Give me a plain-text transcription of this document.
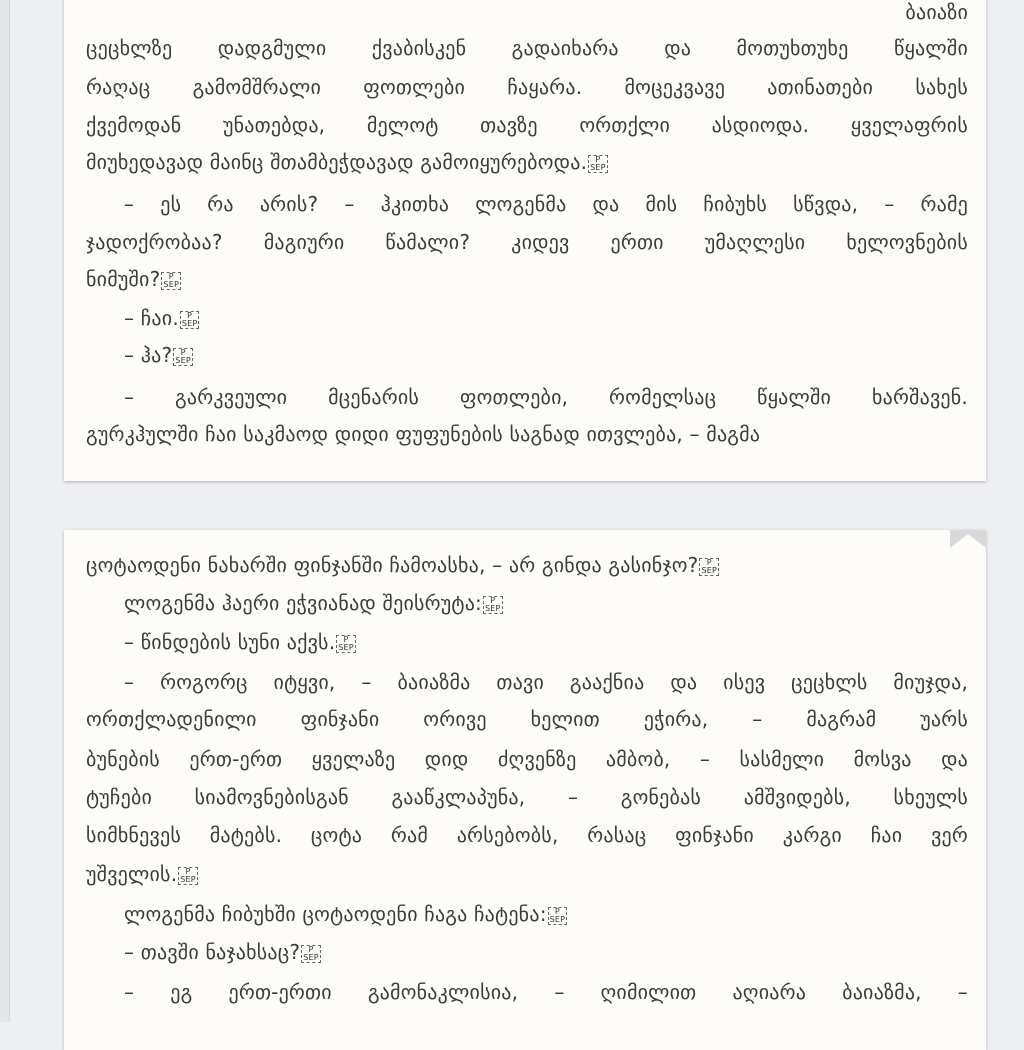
ბაიაზი
ცეცხლზე დადგმული ქვაბისკენ გადაიხარა და მოთუხთუხე წყალში
რაღაც გამომშრალი ფოთლები ჩაყარა. მოცეკვავე ათინათები სახეს
ქვემოდან უნათებდა, მელოტ თავზე ორთქლი ასდიოდა. ყველაფრის
მიუხედავად მაინც შთამბეჭდავად გამოიყურებოდა.	P
SEP
– ეს რა არის? – ჰკითხა ლოგენმა და მის ჩიბუხს სწვდა, – რამე
ჯადოქრობაა? მაგიური წამალი? კიდევ ერთი უმაღლესი ხელოვნების
ნიმუში?	P
SEP
– ჩაი.	P
SEP
– ჰა?	P
SEP
– გარკვეული მცენარის ფოთლები, რომელსაც წყალში ხარშავენ.
გურკჰულში ჩაი საკმაოდ დიდი ფუფუნების საგნად ითვლება, – მაგმა
ცოტაოდენი ნახარში ფინჯანში ჩამოასხა, – არ გინდა გასინჯო?	P
SEP
ლოგენმა ჰაერი ეჭვიანად შეისრუტა:	P
SEP
– წინდების სუნი აქვს.	P
SEP
– როგორც იტყვი, – ბაიაზმა თავი გააქნია და ისევ ცეცხლს მიუჯდა,
ორთქლადენილი ფინჯანი ორივე ხელით ეჭირა, – მაგრამ უარს
ბუნების ერთ-ერთ ყველაზე დიდ ძღვენზე ამბობ, – სასმელი მოსვა და
ტუჩები სიამოვნებისგან გააწკლაპუნა, – გონებას ამშვიდებს, სხეულს
სიმხნევეს მატებს. ცოტა რამ არსებობს, რასაც ფინჯანი კარგი ჩაი ვერ
უშველის.	P
SEP
ლოგენმა ჩიბუხში ცოტაოდენი ჩაგა ჩატენა:	P
SEP
– თავში ნაჯახსაც?	P
SEP
– ეგ ერთ-ერთი გამონაკლისია, – ღიმილით აღიარა ბაიაზმა, –
